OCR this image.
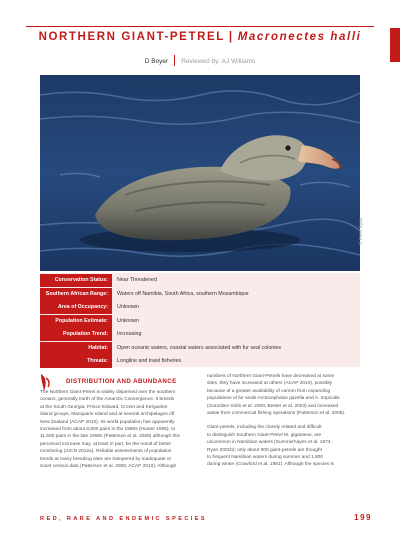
NORTHERN GIANT-PETREL | Macronectes halli
D Boyer Reviewed by: AJ Williams
© Peter Ryan
Conservation Status:	Near Threatened
Southern African Range:	Waters off Namibia, South Africa, southern Mozambique
Area of Occupancy:	Unknown
Population Estimate:	Unknown
Population Trend:	Increasing
Habitat:	Open oceanic waters, coastal waters associated with fur seal colonies
Threats:	Longline and trawl fisheries
DISTRIBUTION AND ABUNDANCE

The Northern Giant-Petrel is widely dispersed over the southern

oceans, generally north of the Antarctic Convergence. It breeds

at the South Georgia, Prince Edward, Crozet and Kerguelen

island groups, Macquarie Island and at several archipelagos off

New Zealand (ACAP 2010). Its world population has apparently

increased from about 8,600 pairs in the 1980s (Hunter 1985), to

11,500 pairs in the late 1990s (Patterson et al. 2008) although this

perceived increase may, at least in part, be the result of better

monitoring (IUCN 2012a). Reliable assessments of population

trends at many breeding sites are hampered by inadequate or

scant census data (Patterson et al. 2008, ACAP 2010). Although

numbers of Northern Giant-Petrels have decreased at some

sites, they have increased at others (ACAP 2010), possibly

because of a greater availability of carrion from expanding

populations of fur seals Arctocephalus gazella and A. tropicalis

(González-Solís et al. 2000, Bester et al. 2003) and increased

waste from commercial fishing operations (Patterson et al. 2008).

Giant-petrels, including the closely related and difficult

to distinguish Southern Giant-Petrel M. giganteus, are

uncommon in Namibian waters (Summerhayes et al. 1974,

Ryan 2001b); only about 900 giant-petrels are thought

to frequent Namibian waters during summer and 1,800

during winter (Crawford et al. 1991). Although the species is

RED, RARE AND ENDEMIC SPECIES	199
